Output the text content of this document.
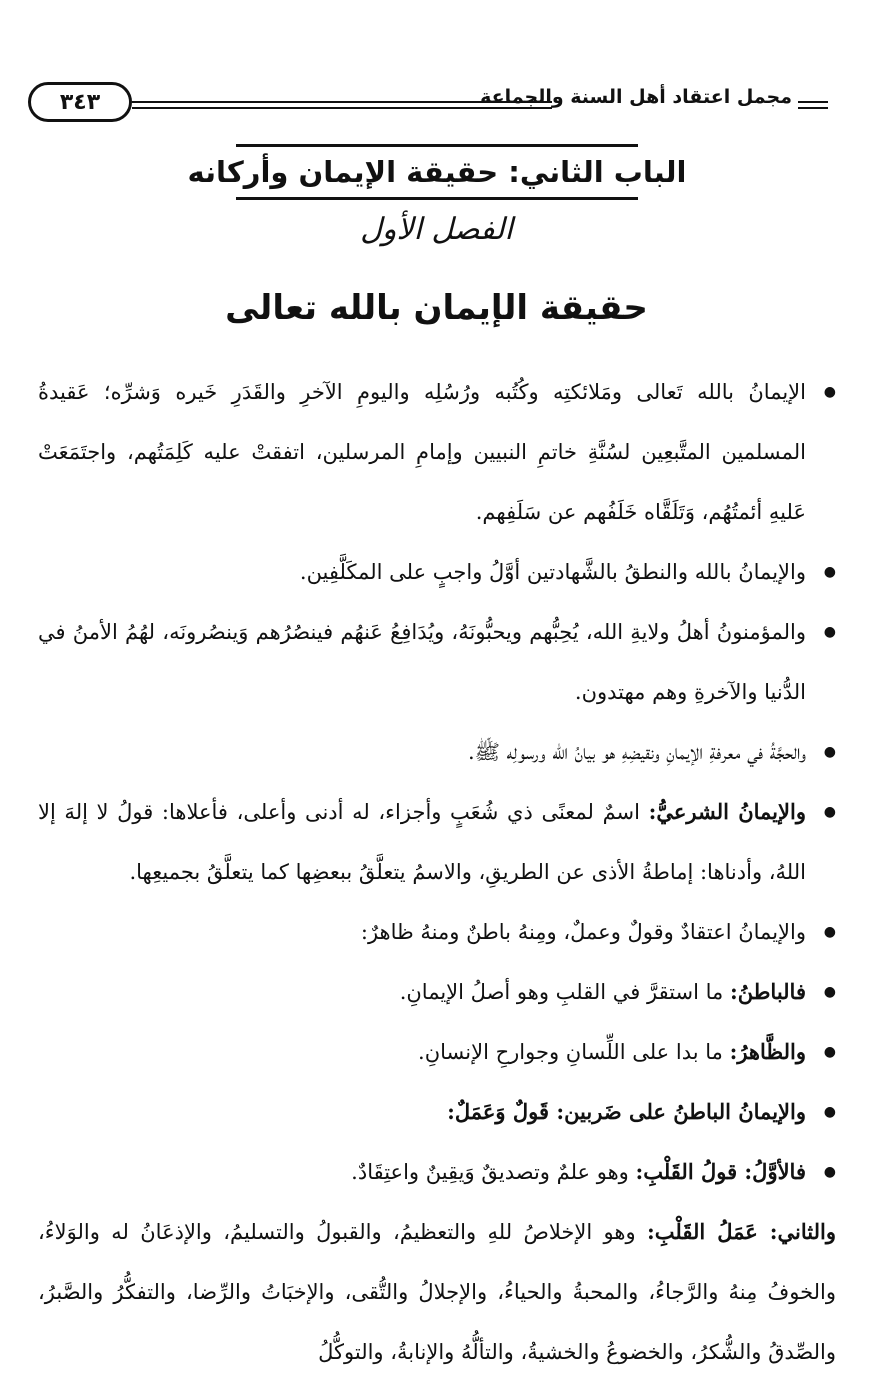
٣٤٣	مجمل اعتقاد أهل السنة والجماعة
الباب الثاني: حقيقة الإيمان وأركانه
الفصل الأول
حقيقة الإيمان بالله تعالى

● الإيمانُ بالله تَعالى ومَلائكتِه وكُتُبه ورُسُلِه واليومِ الآخرِ والقَدَرِ خَيره وَشرِّه؛ عَقيدةُ المسلمين المتَّبعِين لسُنَّةِ خاتمِ النبيين وإمامِ المرسلين، اتفقتْ عليه كَلِمَتُهم، واجتَمَعَتْ عَليهِ أئمتُهُم، وَتَلَقَّاه خَلَفُهم عن سَلَفِهم.

● والإيمانُ بالله والنطقُ بالشَّهادتين أوَّلُ واجبٍ على المكَلَّفِين.

● والمؤمنونُ أهلُ ولايةِ الله، يُحِبُّهم ويحبُّونَهُ، ويُدَافِعُ عَنهُم فينصُرُهم وَينصُرونَه، لهُمُ الأمنُ في الدُّنيا والآخرةِ وهم مهتدون.

● والحجَّةُ في معرفةِ الإيمانِ ونقيضِهِ هو بيانُ الله ورسولِه ﷺ.

● والإيمانُ الشرعيُّ: اسمٌ لمعنًى ذي شُعَبٍ وأجزاء، له أدنى وأعلى، فأعلاها: قولُ لا إلهَ إلا اللهُ، وأدناها: إماطةُ الأذى عن الطريقِ، والاسمُ يتعلَّقُ ببعضِها كما يتعلَّقُ بجميعِها.

● والإيمانُ اعتقادٌ وقولٌ وعملٌ، ومِنهُ باطنٌ ومنهُ ظاهرٌ:

● فالباطنُ: ما استقرَّ في القلبِ وهو أصلُ الإيمانِ.

● والظَّاهرُ: ما بدا على اللِّسانِ وجوارحِ الإنسانِ.

● والإيمانُ الباطنُ على ضَربين: قَولٌ وَعَمَلٌ:

● فالأوَّلُ: قولُ القَلْبِ: وهو علمٌ وتصديقٌ وَيقِينٌ واعتِقَادٌ.

والثاني: عَمَلُ القَلْبِ: وهو الإخلاصُ للهِ والتعظيمُ، والقبولُ والتسليمُ، والإذعَانُ له والوَلاءُ، والخوفُ مِنهُ والرَّجاءُ، والمحبةُ والحياءُ، والإجلالُ والتُّقى، والإخبَاتُ والرِّضا، والتفكُّرُ والصَّبرُ، والصِّدقُ والشُّكرُ، والخضوعُ والخشيةُ، والتألُّهُ والإنابةُ، والتوكُّلُ
